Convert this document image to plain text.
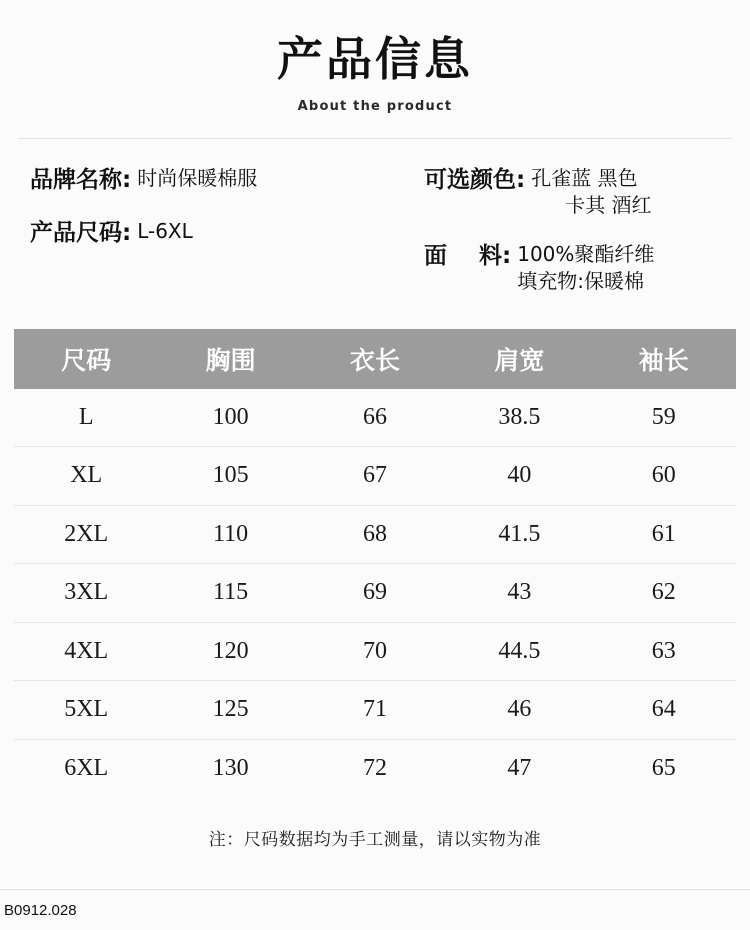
产品信息
About the product
品牌名称: 时尚保暖棉服
产品尺码: L-6XL
可选颜色: 孔雀蓝 黑色
卡其 酒红
面    料: 100%聚酯纤维
填充物:保暖棉
尺码	胸围	衣长	肩宽	袖长
L	100	66	38.5	59
XL	105	67	40	60
2XL	110	68	41.5	61
3XL	115	69	43	62
4XL	120	70	44.5	63
5XL	125	71	46	64
6XL	130	72	47	65
注：尺码数据均为手工测量，请以实物为准
B0912.028
